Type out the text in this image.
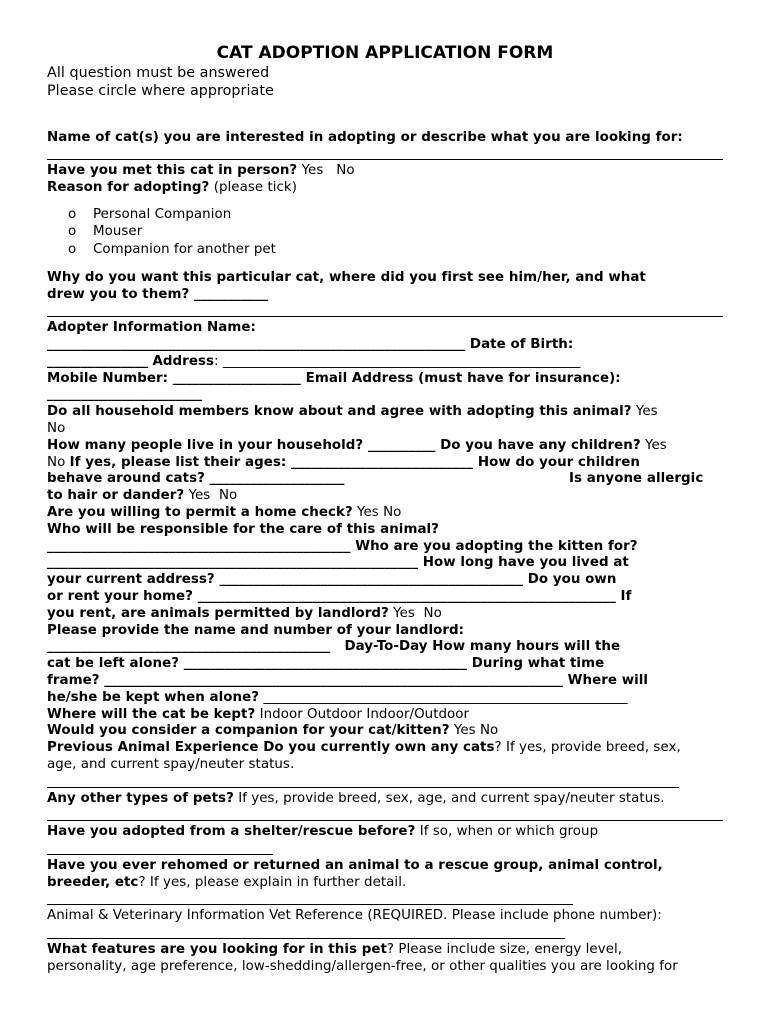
CAT ADOPTION APPLICATION FORM
All question must be answered
Please circle where appropriate
Name of cat(s) you are interested in adopting or describe what you are looking for:
Have you met this cat in person? Yes   No
Reason for adopting? (please tick)
o Personal Companion
o Mouser
o Companion for another pet
Why do you want this particular cat, where did you first see him/her, and what
drew you to them? ___________
Adopter Information Name:
______________________________________________________________ Date of Birth:
_______________ Address: _____________________________________________________
Mobile Number: ___________________ Email Address (must have for insurance):
_______________________
Do all household members know about and agree with adopting this animal? Yes
No
How many people live in your household? __________ Do you have any children? Yes
No If yes, please list their ages: ___________________________ How do your children
behave around cats? ____________________	Is anyone allergic
to hair or dander? Yes  No
Are you willing to permit a home check? Yes No
Who will be responsible for the care of this animal?
_____________________________________________ Who are you adopting the kitten for?
_______________________________________________________ How long have you lived at
your current address? _____________________________________________ Do you own
or rent your home? ______________________________________________________________ If
you rent, are animals permitted by landlord? Yes  No
Please provide the name and number of your landlord:
__________________________________________   Day-To-Day How many hours will the
cat be left alone? __________________________________________ During what time
frame? ____________________________________________________________________ Where will
he/she be kept when alone? ______________________________________________________
Where will the cat be kept? Indoor Outdoor Indoor/Outdoor
Would you consider a companion for your cat/kitten? Yes No
Previous Animal Experience Do you currently own any cats? If yes, provide breed, sex,
age, and current spay/neuter status.
Any other types of pets? If yes, provide breed, sex, age, and current spay/neuter status.
Have you adopted from a shelter/rescue before? If so, when or which group
Have you ever rehomed or returned an animal to a rescue group, animal control,
breeder, etc? If yes, please explain in further detail.
Animal & Veterinary Information Vet Reference (REQUIRED. Please include phone number):
What features are you looking for in this pet? Please include size, energy level,
personality, age preference, low-shedding/allergen-free, or other qualities you are looking for
